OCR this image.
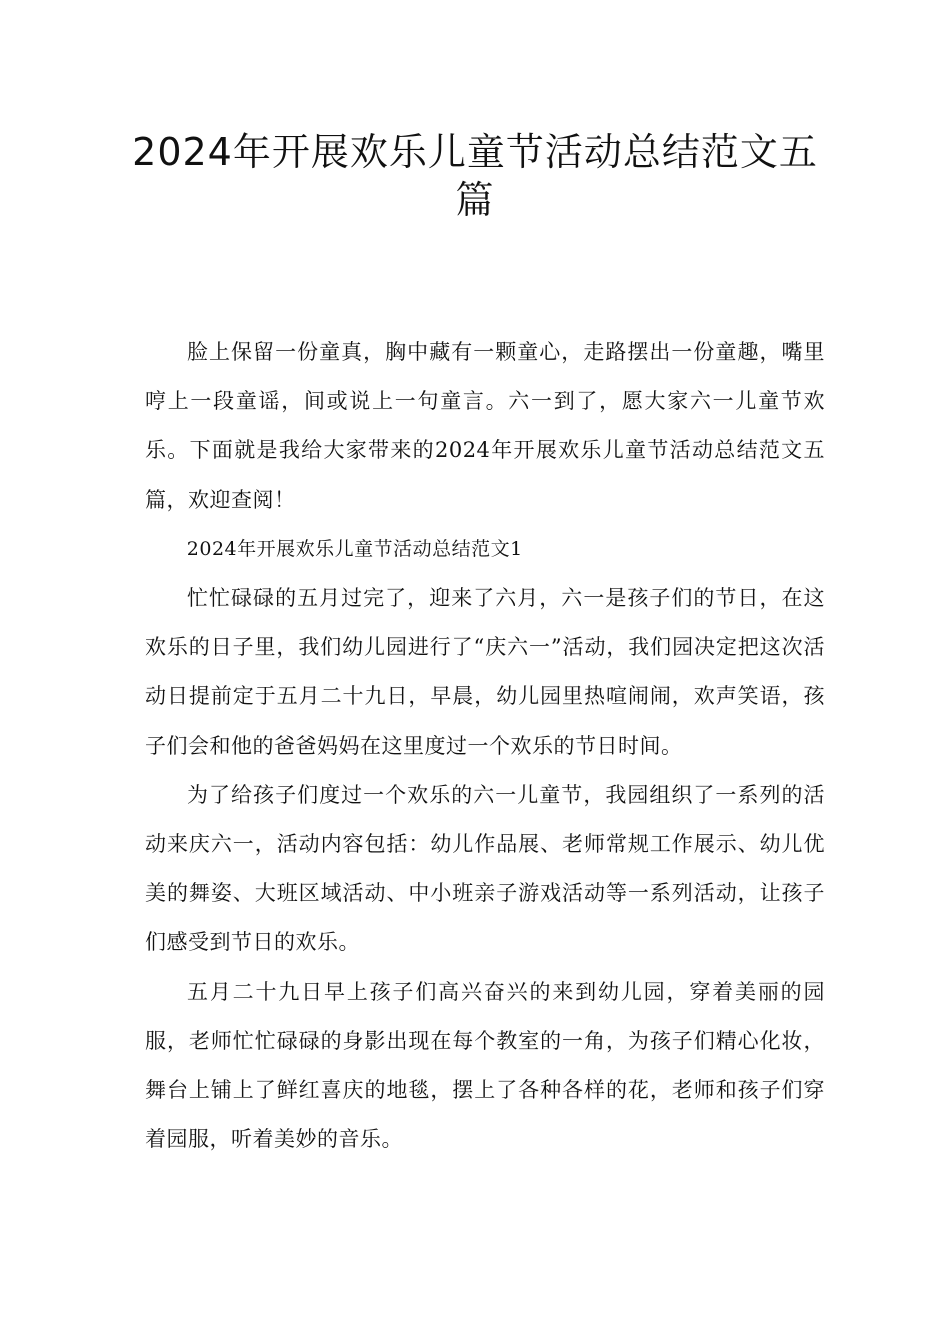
2024年开展欢乐儿童节活动总结范文五篇

脸上保留一份童真，胸中藏有一颗童心，走路摆出一份童趣，嘴里哼上一段童谣，间或说上一句童言。六一到了，愿大家六一儿童节欢乐。下面就是我给大家带来的2024年开展欢乐儿童节活动总结范文五篇，欢迎查阅！

2024年开展欢乐儿童节活动总结范文1

忙忙碌碌的五月过完了，迎来了六月，六一是孩子们的节日，在这欢乐的日子里，我们幼儿园进行了“庆六一”活动，我们园决定把这次活动日提前定于五月二十九日，早晨，幼儿园里热喧闹闹，欢声笑语，孩子们会和他的爸爸妈妈在这里度过一个欢乐的节日时间。

为了给孩子们度过一个欢乐的六一儿童节，我园组织了一系列的活动来庆六一，活动内容包括：幼儿作品展、老师常规工作展示、幼儿优美的舞姿、大班区域活动、中小班亲子游戏活动等一系列活动，让孩子们感受到节日的欢乐。

五月二十九日早上孩子们高兴奋兴的来到幼儿园，穿着美丽的园服，老师忙忙碌碌的身影出现在每个教室的一角，为孩子们精心化妆，舞台上铺上了鲜红喜庆的地毯，摆上了各种各样的花，老师和孩子们穿着园服，听着美妙的音乐。
